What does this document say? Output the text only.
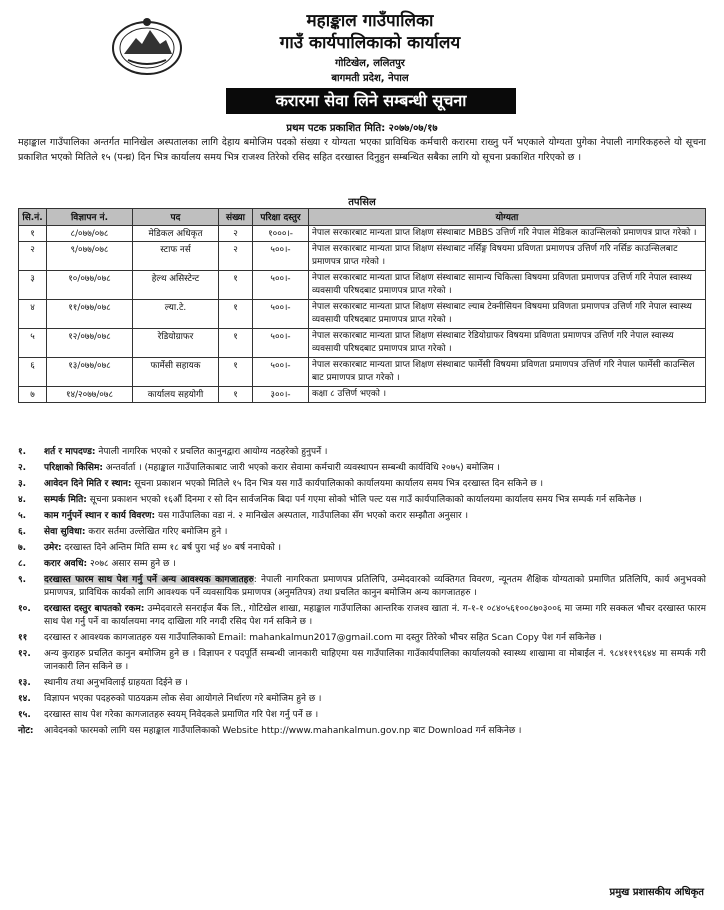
महाङ्काल गाउँपालिका
गाउँ कार्यपालिकाको कार्यालय
गोटिखेल, ललितपुर
बागमती प्रदेश, नेपाल
करारमा सेवा लिने सम्बन्धी सूचना
प्रथम पटक प्रकाशित मिति: २०७७/०७/१७
महाङ्काल गाउँपालिका अन्तर्गत मानिखेल अस्पतालका लागि देहाय बमोजिम पदको संख्या र योग्यता भएका प्राविधिक कर्मचारी करारमा राख्नु पर्ने भएकाले योग्यता पुगेका नेपाली नागरिकहरुले यो सूचना प्रकाशित भएको मितिले १५ (पन्ध्र) दिन भित्र कार्यालय समय भित्र राजश्व तिरेको रसिद सहित दरखास्त दिनुहुन सम्बन्धित सबैका लागि यो सूचना प्रकाशित गरिएको छ ।
तपसिल
सि.नं.	विज्ञापन नं.	पद	संख्या	परिक्षा दस्तुर	योग्यता
१	८/०७७/०७८	मेडिकल अधिकृत	२	१०००।-	नेपाल सरकारबाट मान्यता प्राप्त शिक्षण संस्थाबाट MBBS उत्तिर्ण गरि नेपाल मेडिकल काउन्सिलको प्रमाणपत्र प्राप्त गरेको ।
२	९/०७७/०७८	स्टाफ नर्स	२	५००।-	नेपाल सरकारबाट मान्यता प्राप्त शिक्षण संस्थाबाट नर्सिङ्ग विषयमा प्रविणता प्रमाणपत्र उत्तिर्ण गरि नर्सिङ काउन्सिलबाट प्रमाणपत्र प्राप्त गरेको ।
३	१०/०७७/०७८	हेल्थ असिस्टेन्ट	१	५००।-	नेपाल सरकारबाट मान्यता प्राप्त शिक्षण संस्थाबाट सामान्य चिकित्सा विषयमा प्रविणता प्रमाणपत्र उत्तिर्ण गरि नेपाल स्वास्थ्य व्यवसायी परिषदबाट प्रमाणपत्र प्राप्त गरेको ।
४	११/०७७/०७८	ल्या.टे.	१	५००।-	नेपाल सरकारबाट मान्यता प्राप्त शिक्षण संस्थाबाट ल्याब टेक्नीसियन विषयमा प्रविणता प्रमाणपत्र उत्तिर्ण गरि नेपाल स्वास्थ्य व्यवसायी परिषदबाट प्रमाणपत्र प्राप्त गरेको ।
५	१२/०७७/०७८	रेडियोग्राफर	१	५००।-	नेपाल सरकारबाट मान्यता प्राप्त शिक्षण संस्थाबाट रेडियोग्राफर विषयमा प्रविणता प्रमाणपत्र उत्तिर्ण गरि नेपाल स्वास्थ्य व्यवसायी परिषदबाट प्रमाणपत्र प्राप्त गरेको ।
६	१३/०७७/०७८	फार्मेसी सहायक	१	५००।-	नेपाल सरकारबाट मान्यता प्राप्त शिक्षण संस्थाबाट फार्मेसी विषयमा प्रविणता प्रमाणपत्र उत्तिर्ण गरि नेपाल फार्मेसी काउन्सिल बाट प्रमाणपत्र प्राप्त गरेको ।
७	१४/२०७७/०७८	कार्यालय सहयोगी	१	३००।-	कक्षा ८ उत्तिर्ण भएको ।
१.	शर्त र मापदण्ड: नेपाली नागरिक भएको र प्रचलित कानुनद्वारा आयोग्य नठहरेको हुनुपर्ने ।
२.	परिक्षाको किसिम: अन्तर्वार्ता । (महाङ्काल गाउँपालिकाबाट जारी भएको करार सेवामा कर्मचारी व्यवस्थापन सम्बन्धी कार्यविधि २०७५) बमोजिम ।
३.	आवेदन दिने मिति र स्थान: सूचना प्रकाशन भएको मितिले १५ दिन भित्र यस गाउँ कार्यपालिकाको कार्यालयमा कार्यालय समय भित्र दरखास्त दिन सकिने छ ।
४.	सम्पर्क मिति: सूचना प्रकाशन भएको १६औं दिनमा र सो दिन सार्वजनिक बिदा पर्न गएमा सोको भोलि पल्ट यस गाउँ कार्यपालिकाको कार्यालयमा कार्यालय समय भित्र सम्पर्क गर्न सकिनेछ ।
५.	काम गर्नुपर्ने स्थान र कार्य विवरण: यस गाउँपालिका वडा नं. २ मानिखेल अस्पताल, गाउँपालिका सँग भएको करार सम्झौता अनुसार ।
६.	सेवा सुविधा: करार सर्तमा उल्लेखित गरिए बमोजिम हुने ।
७.	उमेर: दरखास्त दिने अन्तिम मिति सम्म १८ बर्ष पुरा भई ४० बर्ष ननाघेको ।
८.	करार अवधि: २०७८ असार सम्म हुने छ ।
९.	दरखास्त फारम साथ पेश गर्नु पर्ने अन्य आवश्यक कागजातहरु: नेपाली नागरिकता प्रमाणपत्र प्रतिलिपि, उम्मेदवारको व्यक्तिगत विवरण, न्यूनतम शैक्षिक योग्यताको प्रमाणित प्रतिलिपि, कार्य अनुभवको प्रमाणपत्र, प्राविधिक कार्यको लागि आवश्यक पर्ने व्यवसायिक प्रमाणपत्र (अनुमतिपत्र) तथा प्रचलित कानुन बमोजिम अन्य कागजातहरु ।
१०.	दरखास्त दस्तुर बापतको रकम: उम्मेदवारले सनराईज बैंक लि., गोटिखेल शाखा, महाङ्काल गाउँपालिका आन्तरिक राजश्व खाता नं. ग-१-१ ०८४०५६१००८७०३००६ मा जम्मा गरि सक्कल भौचर दरखास्त फारम साथ पेश गर्नु पर्ने वा कार्यालयमा नगद दाखिला गरि नगदी रसिद पेश गर्न सकिने छ ।
११	दरखास्त र आवश्यक कागजातहरु यस गाउँपालिकाको Email: mahankalmun2017@gmail.com मा दस्तुर तिरेको भौचर सहित Scan Copy पेश गर्न सकिनेछ ।
१२.	अन्य कुराहरु प्रचलित कानुन बमोजिम हुने छ । विज्ञापन र पदपूर्ति सम्बन्धी जानकारी चाहिएमा यस गाउँपालिका गाउँकार्यपालिका कार्यालयको स्वास्थ्य शाखामा वा मोबाईल नं. ९८४११९९६४४ मा सम्पर्क गरी जानकारी लिन सकिने छ ।
१३.	स्थानीय तथा अनुभविलाई ग्राहयता दिईने छ ।
१४.	विज्ञापन भएका पदहरुको पाठयक्रम लोक सेवा आयोगले निर्धारण गरे बमोजिम हुने छ ।
१५.	दरखास्त साथ पेश गरेका कागजातहरु स्वयम् निवेदकले प्रमाणित गरि पेश गर्नु पर्ने छ ।
नोट:	आवेदनको फारमको लागि यस महाङ्काल गाउँपालिकाको Website http://www.mahankalmun.gov.np बाट Download गर्न सकिनेछ ।
प्रमुख प्रशासकीय अधिकृत
